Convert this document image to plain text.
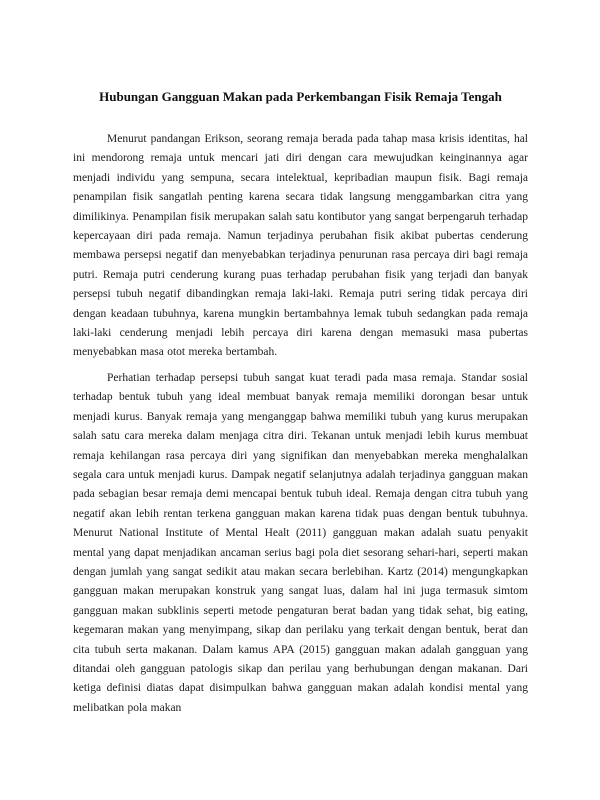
Hubungan Gangguan Makan pada Perkembangan Fisik Remaja Tengah

Menurut pandangan Erikson, seorang remaja berada pada tahap masa krisis identitas, hal ini mendorong remaja untuk mencari jati diri dengan cara mewujudkan keinginannya agar menjadi individu yang sempuna, secara intelektual, kepribadian maupun fisik. Bagi remaja penampilan fisik sangatlah penting karena secara tidak langsung menggambarkan citra yang dimilikinya. Penampilan fisik merupakan salah satu kontibutor yang sangat berpengaruh terhadap kepercayaan diri pada remaja. Namun terjadinya perubahan fisik akibat pubertas cenderung membawa persepsi negatif dan menyebabkan terjadinya penurunan rasa percaya diri bagi remaja putri. Remaja putri cenderung kurang puas terhadap perubahan fisik yang terjadi dan banyak persepsi tubuh negatif dibandingkan remaja laki-laki. Remaja putri sering tidak percaya diri dengan keadaan tubuhnya, karena mungkin bertambahnya lemak tubuh sedangkan pada remaja laki-laki cenderung menjadi lebih percaya diri karena dengan memasuki masa pubertas menyebabkan masa otot mereka bertambah.

Perhatian terhadap persepsi tubuh sangat kuat teradi pada masa remaja. Standar sosial terhadap bentuk tubuh yang ideal membuat banyak remaja memiliki dorongan besar untuk menjadi kurus. Banyak remaja yang menganggap bahwa memiliki tubuh yang kurus merupakan salah satu cara mereka dalam menjaga citra diri. Tekanan untuk menjadi lebih kurus membuat remaja kehilangan rasa percaya diri yang signifikan dan menyebabkan mereka menghalalkan segala cara untuk menjadi kurus. Dampak negatif selanjutnya adalah terjadinya gangguan makan pada sebagian besar remaja demi mencapai bentuk tubuh ideal. Remaja dengan citra tubuh yang negatif akan lebih rentan terkena gangguan makan karena tidak puas dengan bentuk tubuhnya. Menurut National Institute of Mental Healt (2011) gangguan makan adalah suatu penyakit mental yang dapat menjadikan ancaman serius bagi pola diet sesorang sehari-hari, seperti makan dengan jumlah yang sangat sedikit atau makan secara berlebihan. Kartz (2014) mengungkapkan gangguan makan merupakan konstruk yang sangat luas, dalam hal ini juga termasuk simtom gangguan makan subklinis seperti metode pengaturan berat badan yang tidak sehat, big eating, kegemaran makan yang menyimpang, sikap dan perilaku yang terkait dengan bentuk, berat dan cita tubuh serta makanan. Dalam kamus APA (2015) gangguan makan adalah gangguan yang ditandai oleh gangguan patologis sikap dan perilau yang berhubungan dengan makanan. Dari ketiga definisi diatas dapat disimpulkan bahwa gangguan makan adalah kondisi mental yang melibatkan pola makan
